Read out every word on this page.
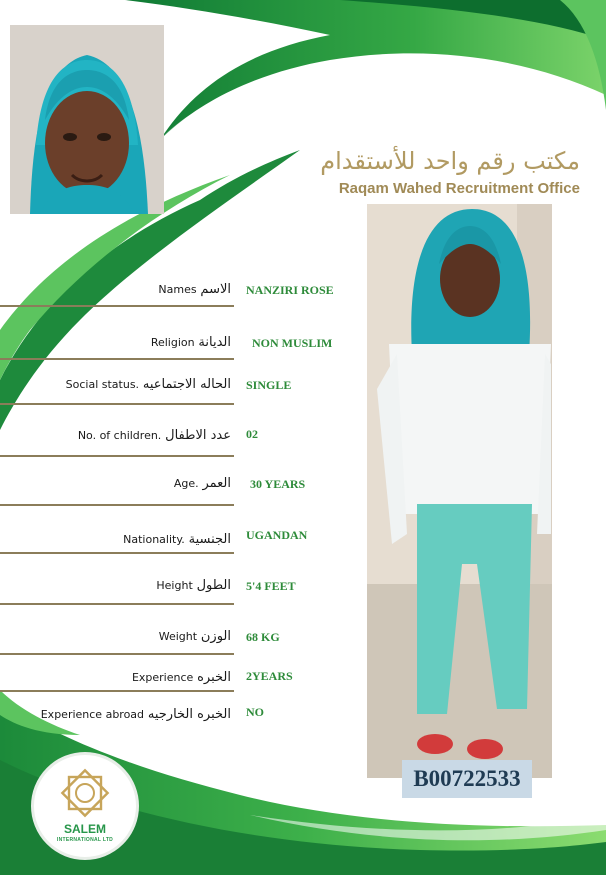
مكتب رقم واحد للأستقدام
Raqam Wahed Recruitment Office
Names الاسم NANZIRI ROSE
Religion الديانة NON MUSLIM
Social status. الحاله الاجتماعيه SINGLE
No. of children. عدد الاطفال 02
Age. العمر 30 YEARS
Nationality. الجنسية UGANDAN
Height الطول 5'4 FEET
Weight الوزن 68 KG
Experience الخبره 2YEARS
Experience abroad الخبره الخارجيه NO
B00722533
SALEM
INTERNATIONAL LTD
